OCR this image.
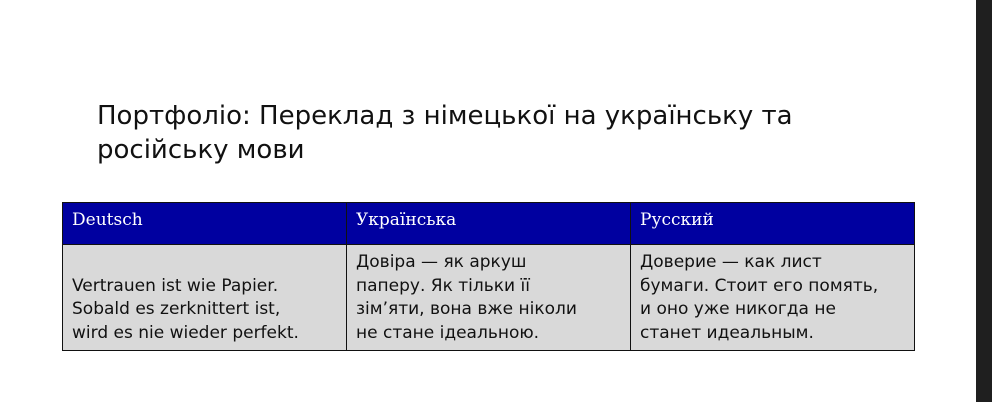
Портфоліо: Переклад з німецької на українську та
російську мови
Deutsch	Українська	Русский

Vertrauen ist wie Papier.
Sobald es zerknittert ist,
wird es nie wieder perfekt.	Довіра — як аркуш
паперу. Як тільки її
зім’яти, вона вже ніколи
не стане ідеальною.	Доверие — как лист
бумаги. Стоит его помять,
и оно уже никогда не
станет идеальным.
